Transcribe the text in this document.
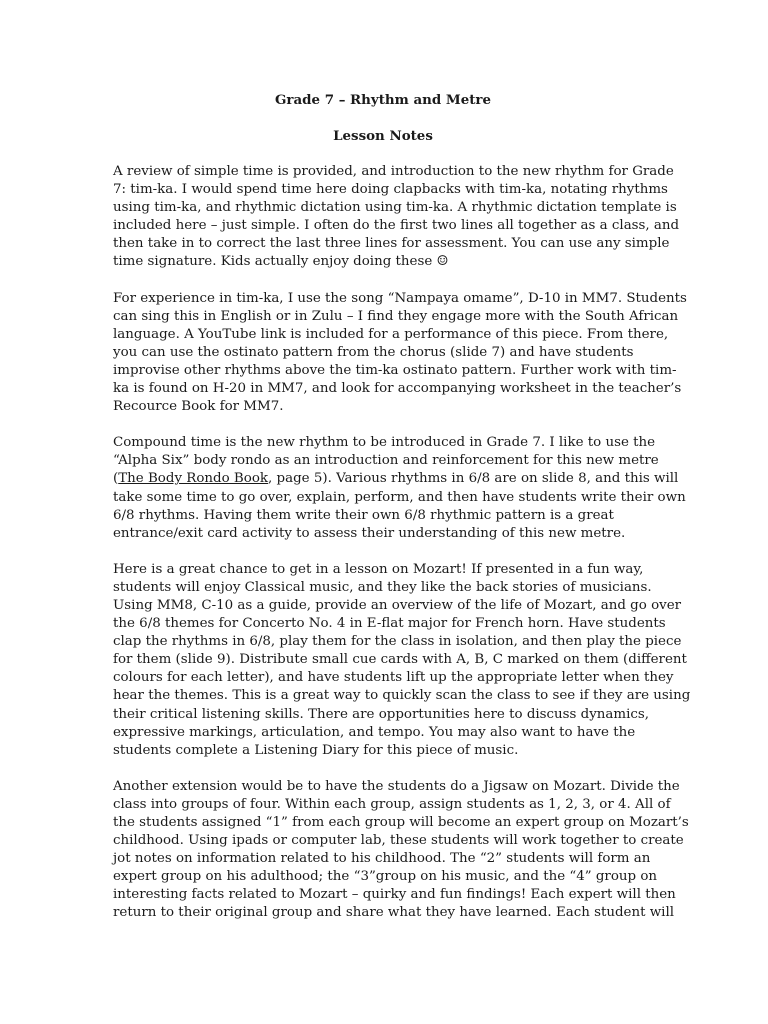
Grade 7 – Rhythm and Metre
Lesson Notes
A review of simple time is provided, and introduction to the new rhythm for Grade
7: tim-ka. I would spend time here doing clapbacks with tim-ka, notating rhythms
using tim-ka, and rhythmic dictation using tim-ka. A rhythmic dictation template is
included here – just simple. I often do the first two lines all together as a class, and
then take in to correct the last three lines for assessment. You can use any simple
time signature. Kids actually enjoy doing these ☺
For experience in tim-ka, I use the song “Nampaya omame”, D-10 in MM7. Students
can sing this in English or in Zulu – I find they engage more with the South African
language. A YouTube link is included for a performance of this piece. From there,
you can use the ostinato pattern from the chorus (slide 7) and have students
improvise other rhythms above the tim-ka ostinato pattern. Further work with tim-
ka is found on H-20 in MM7, and look for accompanying worksheet in the teacher’s
Recource Book for MM7.
Compound time is the new rhythm to be introduced in Grade 7. I like to use the
“Alpha Six” body rondo as an introduction and reinforcement for this new metre
(The Body Rondo Book, page 5). Various rhythms in 6/8 are on slide 8, and this will
take some time to go over, explain, perform, and then have students write their own
6/8 rhythms. Having them write their own 6/8 rhythmic pattern is a great
entrance/exit card activity to assess their understanding of this new metre.
Here is a great chance to get in a lesson on Mozart! If presented in a fun way,
students will enjoy Classical music, and they like the back stories of musicians.
Using MM8, C-10 as a guide, provide an overview of the life of Mozart, and go over
the 6/8 themes for Concerto No. 4 in E-flat major for French horn. Have students
clap the rhythms in 6/8, play them for the class in isolation, and then play the piece
for them (slide 9). Distribute small cue cards with A, B, C marked on them (different
colours for each letter), and have students lift up the appropriate letter when they
hear the themes. This is a great way to quickly scan the class to see if they are using
their critical listening skills. There are opportunities here to discuss dynamics,
expressive markings, articulation, and tempo. You may also want to have the
students complete a Listening Diary for this piece of music.
Another extension would be to have the students do a Jigsaw on Mozart. Divide the
class into groups of four. Within each group, assign students as 1, 2, 3, or 4. All of
the students assigned “1” from each group will become an expert group on Mozart’s
childhood. Using ipads or computer lab, these students will work together to create
jot notes on information related to his childhood. The “2” students will form an
expert group on his adulthood; the “3”group on his music, and the “4” group on
interesting facts related to Mozart – quirky and fun findings! Each expert will then
return to their original group and share what they have learned. Each student will
